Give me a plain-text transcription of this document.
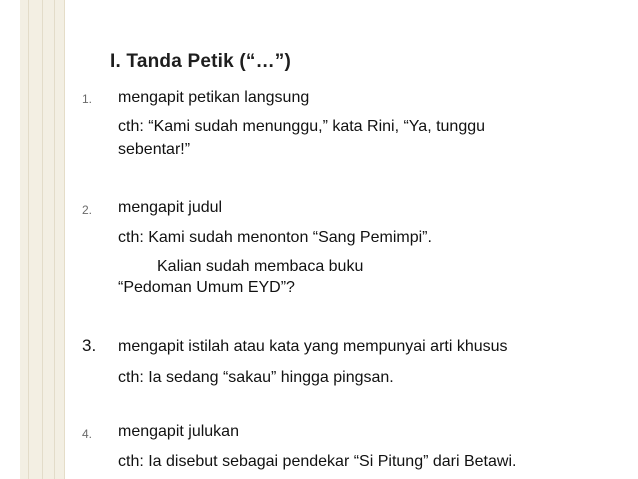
I. Tanda Petik (“…”)
1. mengapit petikan langsung
cth: “Kami sudah menunggu,” kata Rini, “Ya, tunggu
sebentar!”
2. mengapit judul
cth: Kami sudah menonton “Sang Pemimpi”.
Kalian sudah membaca buku
“Pedoman Umum EYD”?
3. mengapit istilah atau kata yang mempunyai arti khusus
cth: Ia sedang “sakau” hingga pingsan.
4. mengapit julukan
cth: Ia disebut sebagai pendekar “Si Pitung” dari Betawi.
